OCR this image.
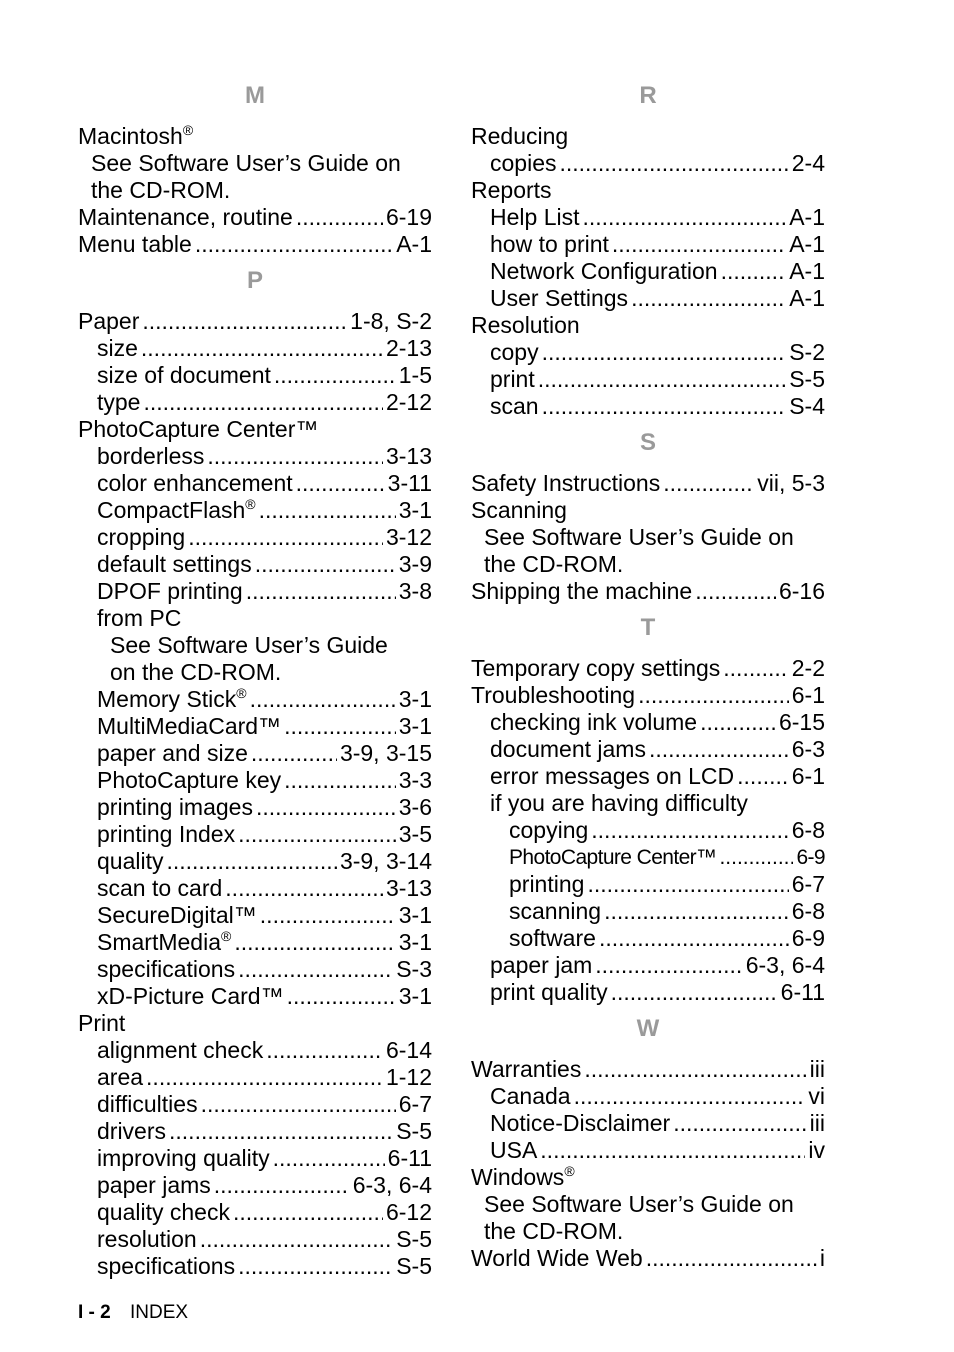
M
Macintosh®
See Software User’s Guide on
the CD-ROM.
Maintenance, routine .....	6-19
Menu table .....	A-1
P
Paper .....	1-8, S-2
size .....	2-13
size of document .....	1-5
type .....	2-12
PhotoCapture Center™
borderless .....	3-13
color enhancement .....	3-11
CompactFlash® .....	3-1
cropping .....	3-12
default settings .....	3-9
DPOF printing .....	3-8
from PC
See Software User’s Guide
on the CD-ROM.
Memory Stick® .....	3-1
MultiMediaCard™ .....	3-1
paper and size .....	3-9, 3-15
PhotoCapture key .....	3-3
printing images .....	3-6
printing Index .....	3-5
quality .....	3-9, 3-14
scan to card .....	3-13
SecureDigital™ .....	3-1
SmartMedia® .....	3-1
specifications .....	S-3
xD-Picture Card™ .....	3-1
Print
alignment check .....	6-14
area .....	1-12
difficulties .....	6-7
drivers .....	S-5
improving quality .....	6-11
paper jams .....	6-3, 6-4
quality check .....	6-12
resolution .....	S-5
specifications .....	S-5
R
Reducing
copies .....	2-4
Reports
Help List .....	A-1
how to print .....	A-1
Network Configuration .....	A-1
User Settings .....	A-1
Resolution
copy .....	S-2
print .....	S-5
scan .....	S-4
S
Safety Instructions .....	vii, 5-3
Scanning
See Software User’s Guide on
the CD-ROM.
Shipping the machine .....	6-16
T
Temporary copy settings .....	2-2
Troubleshooting .....	6-1
checking ink volume .....	6-15
document jams .....	6-3
error messages on LCD .....	6-1
if you are having difficulty
copying .....	6-8
PhotoCapture Center™ .....	6-9
printing .....	6-7
scanning .....	6-8
software .....	6-9
paper jam .....	6-3, 6-4
print quality .....	6-11
W
Warranties .....	iii
Canada .....	vi
Notice-Disclaimer .....	iii
USA .....	iv
Windows®
See Software User’s Guide on
the CD-ROM.
World Wide Web .....	i
I - 2 INDEX
